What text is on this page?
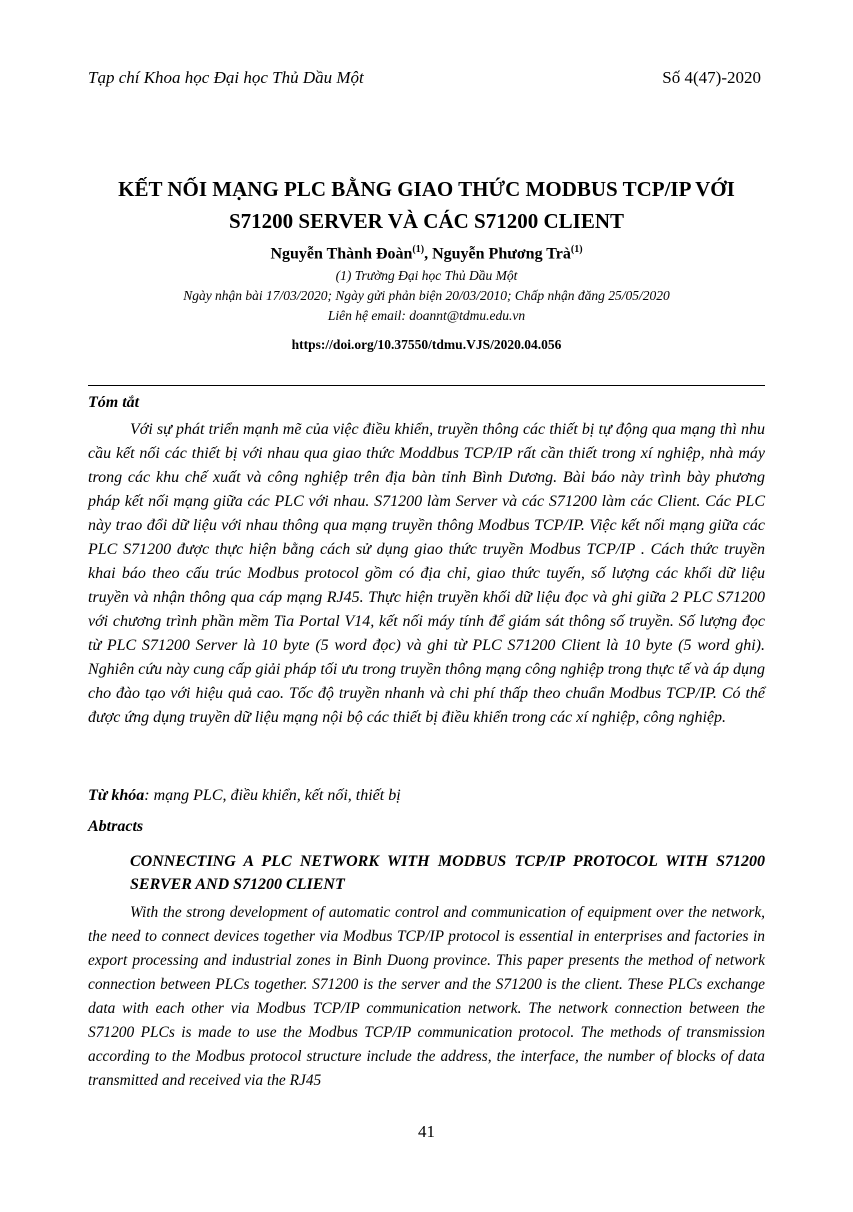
Tạp chí Khoa học Đại học Thủ Dầu Một	Số 4(47)-2020
KẾT NỐI MẠNG PLC BẰNG GIAO THỨC MODBUS TCP/IP VỚI
S71200 SERVER VÀ CÁC S71200 CLIENT
Nguyễn Thành Đoàn$^{(1)}$, Nguyễn Phương Trà$^{(1)}$
(1) Trường Đại học Thủ Dầu Một
Ngày nhận bài 17/03/2020; Ngày gửi phản biện 20/03/2010; Chấp nhận đăng 25/05/2020
Liên hệ email: doannt@tdmu.edu.vn
https://doi.org/10.37550/tdmu.VJS/2020.04.056
Tóm tắt
Với sự phát triển mạnh mẽ của việc điều khiển, truyền thông các thiết bị tự động qua mạng thì nhu cầu kết nối các thiết bị với nhau qua giao thức Moddbus TCP/IP rất cần thiết trong xí nghiệp, nhà máy trong các khu chế xuất và công nghiệp trên địa bàn tỉnh Bình Dương. Bài báo này trình bày phương pháp kết nối mạng giữa các PLC với nhau. S71200 làm Server và các S71200 làm các Client. Các PLC này trao đổi dữ liệu với nhau thông qua mạng truyền thông Modbus TCP/IP. Việc kết nối mạng giữa các PLC S71200 được thực hiện bằng cách sử dụng giao thức truyền Modbus TCP/IP . Cách thức truyền khai báo theo cấu trúc Modbus protocol gồm có địa chỉ, giao thức tuyến, số lượng các khối dữ liệu truyền và nhận thông qua cáp mạng RJ45. Thực hiện truyền khối dữ liệu đọc và ghi giữa 2 PLC S71200 với chương trình phần mềm Tia Portal V14, kết nối máy tính để giám sát thông số truyền. Số lượng đọc từ PLC S71200 Server là 10 byte (5 word đọc) và ghi từ PLC S71200 Client là 10 byte (5 word ghi). Nghiên cứu này cung cấp giải pháp tối ưu trong truyền thông mạng công nghiệp trong thực tế và áp dụng cho đào tạo với hiệu quả cao. Tốc độ truyền nhanh và chi phí thấp theo chuẩn Modbus TCP/IP. Có thể được ứng dụng truyền dữ liệu mạng nội bộ các thiết bị điều khiển trong các xí nghiệp, công nghiệp.
Từ khóa: mạng PLC, điều khiển, kết nối, thiết bị
Abtracts
CONNECTING A PLC NETWORK WITH MODBUS TCP/IP PROTOCOL WITH S71200 SERVER AND S71200 CLIENT
With the strong development of automatic control and communication of equipment over the network, the need to connect devices together via Modbus TCP/IP protocol is essential in enterprises and factories in export processing and industrial zones in Binh Duong province. This paper presents the method of network connection between PLCs together. S71200 is the server and the S71200 is the client. These PLCs exchange data with each other via Modbus TCP/IP communication network. The network connection between the S71200 PLCs is made to use the Modbus TCP/IP communication protocol. The methods of transmission according to the Modbus protocol structure include the address, the interface, the number of blocks of data transmitted and received via the RJ45
41
